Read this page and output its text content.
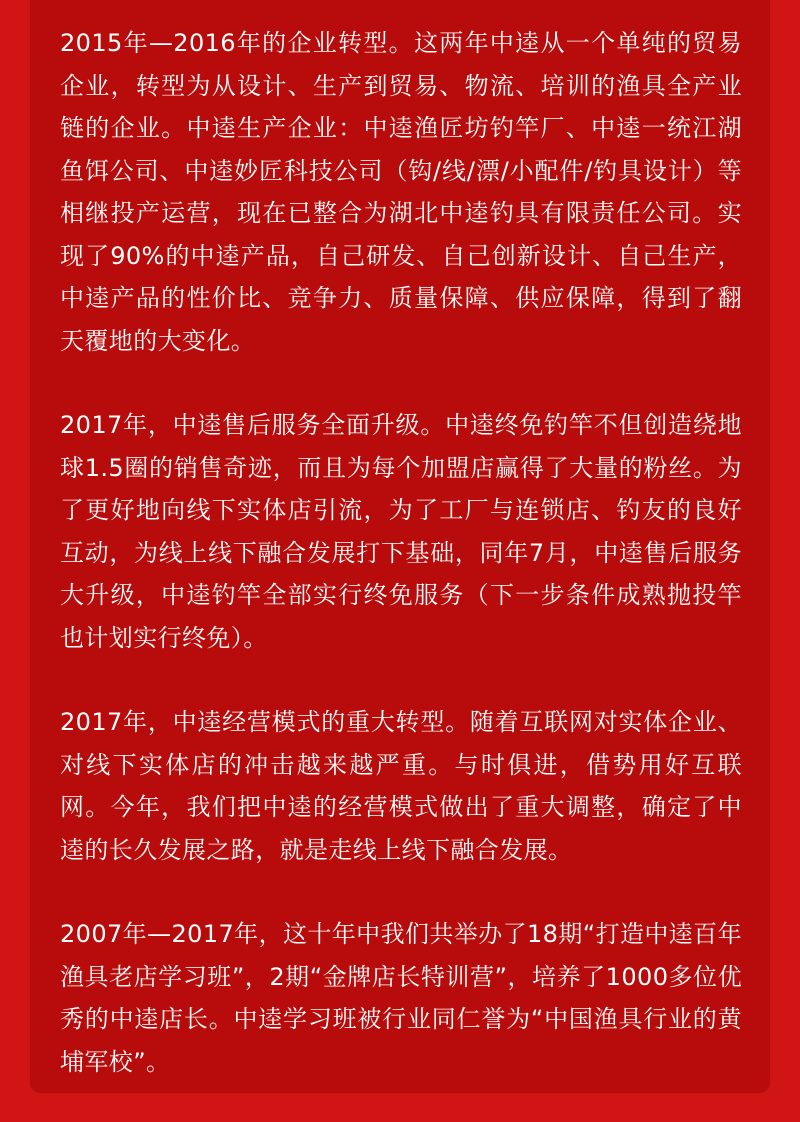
2015年—2016年的企业转型。这两年中逵从一个单纯的贸易企业，转型为从设计、生产到贸易、物流、培训的渔具全产业链的企业。中逵生产企业：中逵渔匠坊钓竿厂、中逵一统江湖鱼饵公司、中逵妙匠科技公司（钩/线/漂/小配件/钓具设计）等相继投产运营，现在已整合为湖北中逵钓具有限责任公司。实现了90%的中逵产品，自己研发、自己创新设计、自己生产，中逵产品的性价比、竞争力、质量保障、供应保障，得到了翻天覆地的大变化。

2017年，中逵售后服务全面升级。中逵终免钓竿不但创造绕地球1.5圈的销售奇迹，而且为每个加盟店赢得了大量的粉丝。为了更好地向线下实体店引流，为了工厂与连锁店、钓友的良好互动，为线上线下融合发展打下基础，同年7月，中逵售后服务大升级，中逵钓竿全部实行终免服务（下一步条件成熟抛投竿也计划实行终免）。

2017年，中逵经营模式的重大转型。随着互联网对实体企业、对线下实体店的冲击越来越严重。与时俱进，借势用好互联网。今年，我们把中逵的经营模式做出了重大调整，确定了中逵的长久发展之路，就是走线上线下融合发展。

2007年—2017年，这十年中我们共举办了18期“打造中逵百年渔具老店学习班”，2期“金牌店长特训营”，培养了1000多位优秀的中逵店长。中逵学习班被行业同仁誉为“中国渔具行业的黄埔军校”。
